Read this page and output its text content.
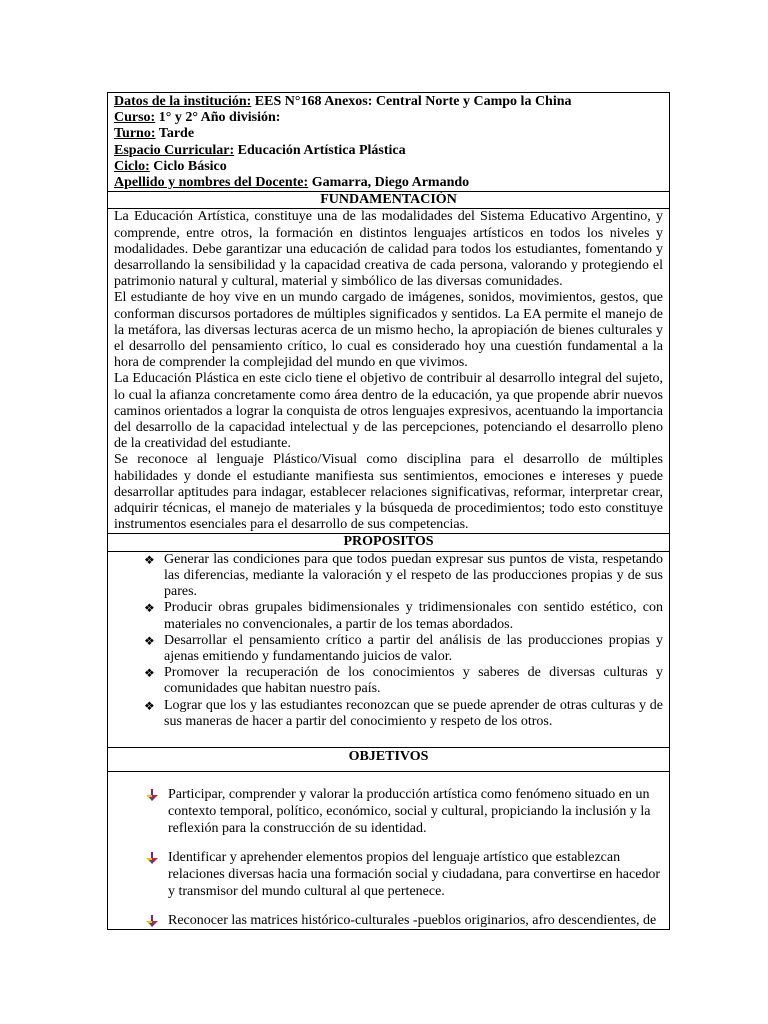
Datos de la institución: EES N°168 Anexos: Central Norte y Campo la China
Curso: 1° y 2° Año división:
Turno: Tarde
Espacio Curricular: Educación Artística Plástica
Ciclo: Ciclo Básico
Apellido y nombres del Docente: Gamarra, Diego Armando

FUNDAMENTACIÓN

La Educación Artística, constituye una de las modalidades del Sistema Educativo Argentino, y comprende, entre otros, la formación en distintos lenguajes artísticos en todos los niveles y modalidades. Debe garantizar una educación de calidad para todos los estudiantes, fomentando y desarrollando la sensibilidad y la capacidad creativa de cada persona, valorando y protegiendo el patrimonio natural y cultural, material y simbólico de las diversas comunidades.

El estudiante de hoy vive en un mundo cargado de imágenes, sonidos, movimientos, gestos, que conforman discursos portadores de múltiples significados y sentidos. La EA permite el manejo de la metáfora, las diversas lecturas acerca de un mismo hecho, la apropiación de bienes culturales y el desarrollo del pensamiento crítico, lo cual es considerado hoy una cuestión fundamental a la hora de comprender la complejidad del mundo en que vivimos.

La Educación Plástica en este ciclo tiene el objetivo de contribuir al desarrollo integral del sujeto, lo cual la afianza concretamente como área dentro de la educación, ya que propende abrir nuevos caminos orientados a lograr la conquista de otros lenguajes expresivos, acentuando la importancia del desarrollo de la capacidad intelectual y de las percepciones, potenciando el desarrollo pleno de la creatividad del estudiante.

Se reconoce al lenguaje Plástico/Visual como disciplina para el desarrollo de múltiples habilidades y donde el estudiante manifiesta sus sentimientos, emociones e intereses y puede desarrollar aptitudes para indagar, establecer relaciones significativas, reformar, interpretar crear, adquirir técnicas, el manejo de materiales y la búsqueda de procedimientos; todo esto constituye instrumentos esenciales para el desarrollo de sus competencias.

PROPOSITOS

❖ Generar las condiciones para que todos puedan expresar sus puntos de vista, respetando las diferencias, mediante la valoración y el respeto de las producciones propias y de sus pares.
❖ Producir obras grupales bidimensionales y tridimensionales con sentido estético, con materiales no convencionales, a partir de los temas abordados.
❖ Desarrollar el pensamiento crítico a partir del análisis de las producciones propias y ajenas emitiendo y fundamentando juicios de valor.
❖ Promover la recuperación de los conocimientos y saberes de diversas culturas y comunidades que habitan nuestro país.
❖ Lograr que los y las estudiantes reconozcan que se puede aprender de otras culturas y de sus maneras de hacer a partir del conocimiento y respeto de los otros.

OBJETIVOS

Participar, comprender y valorar la producción artística como fenómeno situado en un contexto temporal, político, económico, social y cultural, propiciando la inclusión y la reflexión para la construcción de su identidad.
Identificar y aprehender elementos propios del lenguaje artístico que establezcan relaciones diversas hacia una formación social y ciudadana, para convertirse en hacedor y transmisor del mundo cultural al que pertenece.
Reconocer las matrices histórico-culturales -pueblos originarios, afro descendientes, de
